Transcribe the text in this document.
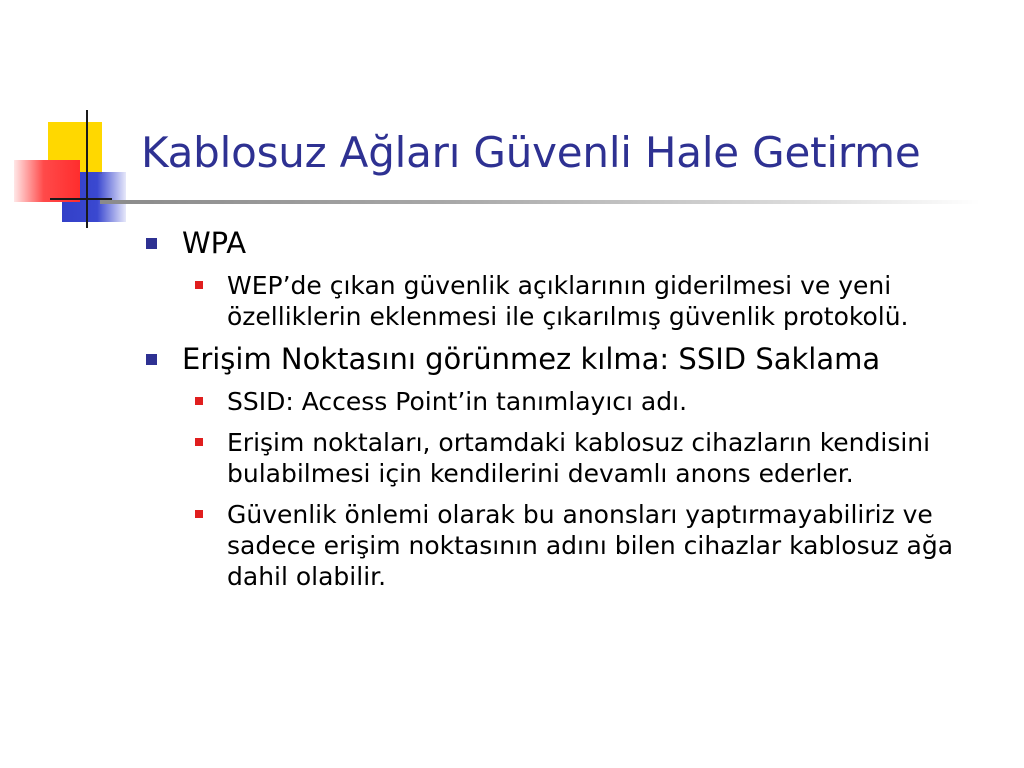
Kablosuz Ağları Güvenli Hale Getirme
WPA
WEP’de çıkan güvenlik açıklarının giderilmesi ve yeni özelliklerin eklenmesi ile çıkarılmış güvenlik protokolü.
Erişim Noktasını görünmez kılma: SSID Saklama
SSID: Access Point’in tanımlayıcı adı.
Erişim noktaları, ortamdaki kablosuz cihazların kendisini bulabilmesi için kendilerini devamlı anons ederler.
Güvenlik önlemi olarak bu anonsları yaptırmayabiliriz ve sadece erişim noktasının adını bilen cihazlar kablosuz ağa dahil olabilir.
